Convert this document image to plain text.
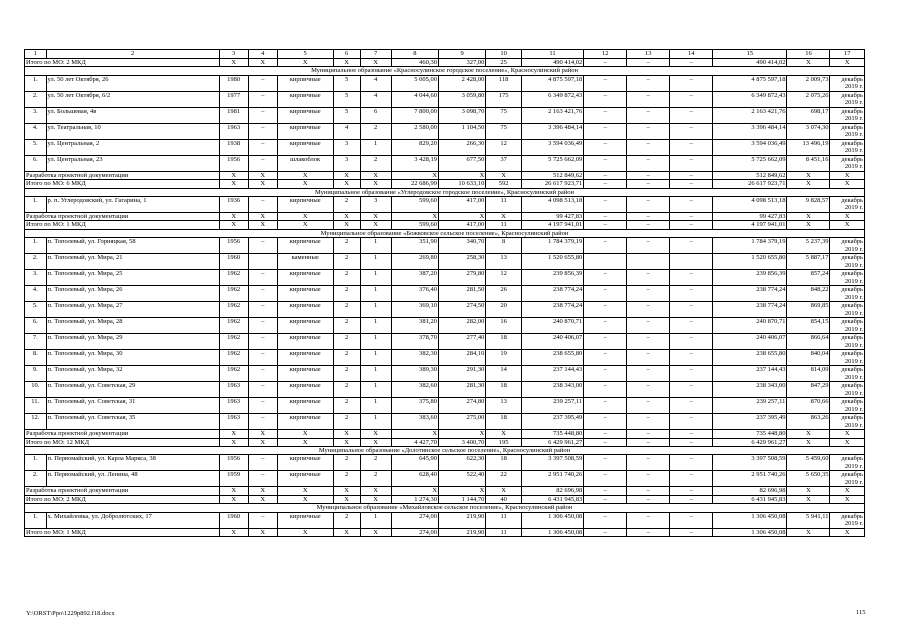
1	2	3	4	5	6	7	8	9	10	11	12	13	14	15	16	17
Итого по МО: 2 МКД		X	X	X	X	X	460,30	327,00	25	490 414,02	–	–	–	490 414,02	X	X
Муниципальное образование «Красносулинское городское поселение», Красносулинский район																
1.	ул. 50 лет Октября, 26	1980	–	кирпичные	5	4	5 005,00	2 428,00	118	4 875 597,18	–	–	–	4 875 597,18	2 009,73	декабрь 2019 г.
2.	ул. 50 лет Октября, 6/2	1977	–	кирпичные	5	4	4 044,60	3 059,80	175	6 349 872,43	–	–	–	6 349 872,43	2 075,26	декабрь 2019 г.
3.	ул. Большевая, 4в	1981	–	кирпичные	5	6	7 800,00	3 098,70	75	2 163 421,76	–	–	–	2 163 421,76	698,17	декабрь 2019 г.
4.	ул. Театральная, 10	1963	–	кирпичные	4	2	2 580,00	1 104,50	75	3 396 484,14	–	–	–	3 396 484,14	3 074,30	декабрь 2019 г.
5.	ул. Центральная, 2	1938	–	кирпичные	3	1	829,20	266,30	12	3 594 036,49	–	–	–	3 594 036,49	13 496,19	декабрь 2019 г.
6.	ул. Центральная, 23	1956	–	шлакоблок	3	2	3 428,19	677,50	37	5 725 662,09	–	–	–	5 725 662,09	8 451,16	декабрь 2019 г.
Разработка проектной документации		X	X	X	X	X	X	X	X	512 849,62	–	–	–	512 849,62	X	X
Итого по МО: 6 МКД		X	X	X	X	X	22 686,99	10 633,10	592	26 617 923,71	–	–	–	26 617 923,71	X	X
Муниципальное образование «Углеродовское городское поселение», Красносулинский район																
1.	р. п. Углеродовский, ул. Гагарина, 1	1936	–	кирпичные	2	3	599,60	417,00	11	4 098 513,18	–	–	–	4 098 513,18	9 828,57	декабрь 2019 г.
Разработка проектной документации		X	X	X	X	X	X	X	X	99 427,83	–	–	–	99 427,83	X	X
Итого по МО: 1 МКД		X	X	X	X	X	599,60	417,00	11	4 197 941,01	–	–	–	4 197 941,01	X	X
Муниципальное образование «Божковское сельское поселение», Красносулинский район																
1.	п. Тополевый, ул. Горняцкая, 58	1956	–	кирпичные	2	1	351,90	340,70	8	1 784 379,19	–	–	–	1 784 379,19	5 237,39	декабрь 2019 г.
2.	п. Тополевый, ул. Мира, 21	1960		каменные	2	1	269,80	258,30	13	1 520 655,80				1 520 655,80	5 887,17	декабрь 2019 г.
3.	п. Тополевый, ул. Мира, 25	1962	–	кирпичные	2	1	387,20	279,80	12	239 856,39	–	–	–	239 856,39	857,24	декабрь 2019 г.
4.	п. Тополевый, ул. Мира, 26	1962	–	кирпичные	2	1	376,40	281,50	26	238 774,24	–	–	–	238 774,24	848,22	декабрь 2019 г.
5.	п. Тополевый, ул. Мира, 27	1962	–	кирпичные	2	1	369,10	274,50	20	238 774,24	–	–	–	238 774,24	869,85	декабрь 2019 г.
6.	п. Тополевый, ул. Мира, 28	1962	–	кирпичные	2	1	381,20	282,00	16	240 870,71	–	–	–	240 870,71	854,15	декабрь 2019 г.
7.	п. Тополевый, ул. Мира, 29	1962	–	кирпичные	2	1	378,70	277,40	18	240 406,07	–	–	–	240 406,07	866,64	декабрь 2019 г.
8.	п. Тополевый, ул. Мира, 30	1962	–	кирпичные	2	1	382,30	284,10	19	238 655,80	–	–	–	238 655,80	840,04	декабрь 2019 г.
9.	п. Тополевый, ул. Мира, 32	1962	–	кирпичные	2	1	389,30	291,30	14	237 144,43	–	–	–	237 144,43	814,09	декабрь 2019 г.
10.	п. Тополевый, ул. Советская, 29	1963	–	кирпичные	2	1	382,60	281,30	18	238 343,00	–	–	–	238 343,00	847,29	декабрь 2019 г.
11.	п. Тополевый, ул. Советская, 31	1963	–	кирпичные	2	1	375,80	274,80	13	239 257,11	–	–	–	239 257,11	870,66	декабрь 2019 г.
12.	п. Тополевый, ул. Советская, 35	1963	–	кирпичные	2	1	383,60	275,00	18	237 395,49	–	–	–	237 395,49	863,26	декабрь 2019 г.
Разработка проектной документации		X	X	X	X	X	X	X	X	735 448,80	–	–	–	735 448,80	X	X
Итого по МО: 12 МКД		X	X	X	X	X	4 427,70	3 400,70	195	6 429 961,27	–	–	–	6 429 961,27	X	X
Муниципальное образование «Долотинское сельское поселение», Красносулинский район																
1.	п. Первомайский, ул. Карла Маркса, 38	1956	–	кирпичные	2	2	645,90	622,30	18	3 397 508,59	–	–	–	3 397 508,59	5 459,60	декабрь 2019 г.
2.	п. Первомайский, ул. Ленина, 48	1959	–	кирпичные	2	2	628,40	522,40	22	2 951 740,26	–	–	–	2 951 740,26	5 650,35	декабрь 2019 г.
Разработка проектной документации		X	X	X	X	X	X	X	X	82 696,98	–	–	–	82 696,98	X	X
Итого по МО: 2 МКД		X	X	X	X	X	1 274,30	1 144,70	40	6 431 945,83	–	–	–	6 431 945,83	X	X
Муниципальное образование «Михайловское сельское поселение», Красносулинский район																
1.	х. Михайловка, ул. Добролютских, 17	1960	–	кирпичные	2	1	274,00	219,90	11	1 306 450,08	–	–	–	1 306 450,08	5 941,11	декабрь 2019 г.
Итого по МО: 1 МКД		X	X	X	X	X	274,00	219,90	11	1 306 450,08	–	–	–	1 306 450,08	X	X
Y:\ORST\Ppo\1229p892.f18.docx	115
